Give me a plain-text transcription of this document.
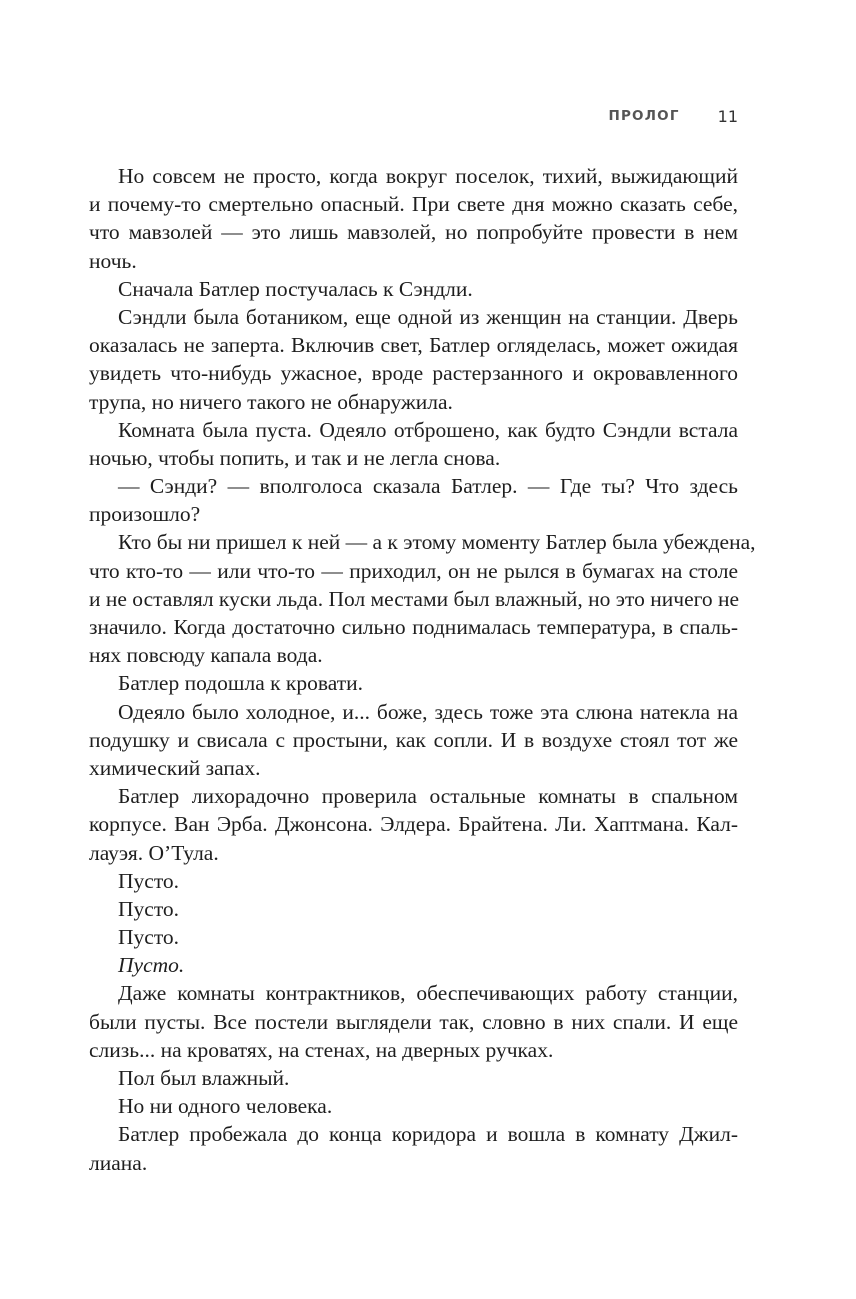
ПРОЛОГ 11
Но совсем не просто, когда вокруг поселок, тихий, выжидающий
и почему-то смертельно опасный. При свете дня можно сказать себе,
что мавзолей — это лишь мавзолей, но попробуйте провести в нем
ночь.
Сначала Батлер постучалась к Сэндли.
Сэндли была ботаником, еще одной из женщин на станции. Дверь
оказалась не заперта. Включив свет, Батлер огляделась, может ожидая
увидеть что-нибудь ужасное, вроде растерзанного и окровавленного
трупа, но ничего такого не обнаружила.
Комната была пуста. Одеяло отброшено, как будто Сэндли встала
ночью, чтобы попить, и так и не легла снова.
— Сэнди? — вполголоса сказала Батлер. — Где ты? Что здесь
произошло?
Кто бы ни пришел к ней — а к этому моменту Батлер была убеждена,
что кто-то — или что-то — приходил, он не рылся в бумагах на столе
и не оставлял куски льда. Пол местами был влажный, но это ничего не
значило. Когда достаточно сильно поднималась температура, в спаль-
нях повсюду капала вода.
Батлер подошла к кровати.
Одеяло было холодное, и... боже, здесь тоже эта слюна натекла на
подушку и свисала с простыни, как сопли. И в воздухе стоял тот же
химический запах.
Батлер лихорадочно проверила остальные комнаты в спальном
корпусе. Ван Эрба. Джонсона. Элдера. Брайтена. Ли. Хаптмана. Кал-
лауэя. О’Тула.
Пусто.
Пусто.
Пусто.
Пусто.
Даже комнаты контрактников, обеспечивающих работу станции,
были пусты. Все постели выглядели так, словно в них спали. И еще
слизь... на кроватях, на стенах, на дверных ручках.
Пол был влажный.
Но ни одного человека.
Батлер пробежала до конца коридора и вошла в комнату Джил-
лиана.
